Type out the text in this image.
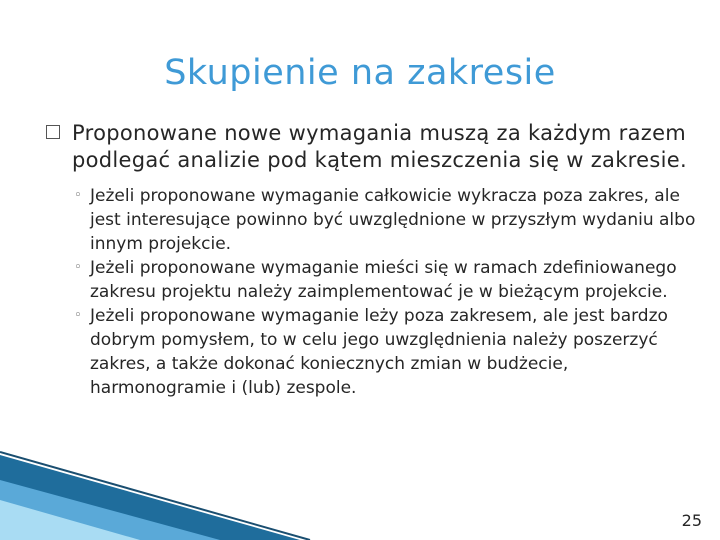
Skupienie na zakresie
Proponowane nowe wymagania muszą za każdym razem podlegać analizie pod kątem mieszczenia się w zakresie.
◦ Jeżeli proponowane wymaganie całkowicie wykracza poza zakres, ale jest interesujące powinno być uwzględnione w przyszłym wydaniu albo innym projekcie.
◦ Jeżeli proponowane wymaganie mieści się w ramach zdefiniowanego zakresu projektu należy zaimplementować je w bieżącym projekcie.
◦ Jeżeli proponowane wymaganie leży poza zakresem, ale jest bardzo dobrym pomysłem, to w celu jego uwzględnienia należy poszerzyć zakres, a także dokonać koniecznych zmian w budżecie, harmonogramie i (lub) zespole.
25
